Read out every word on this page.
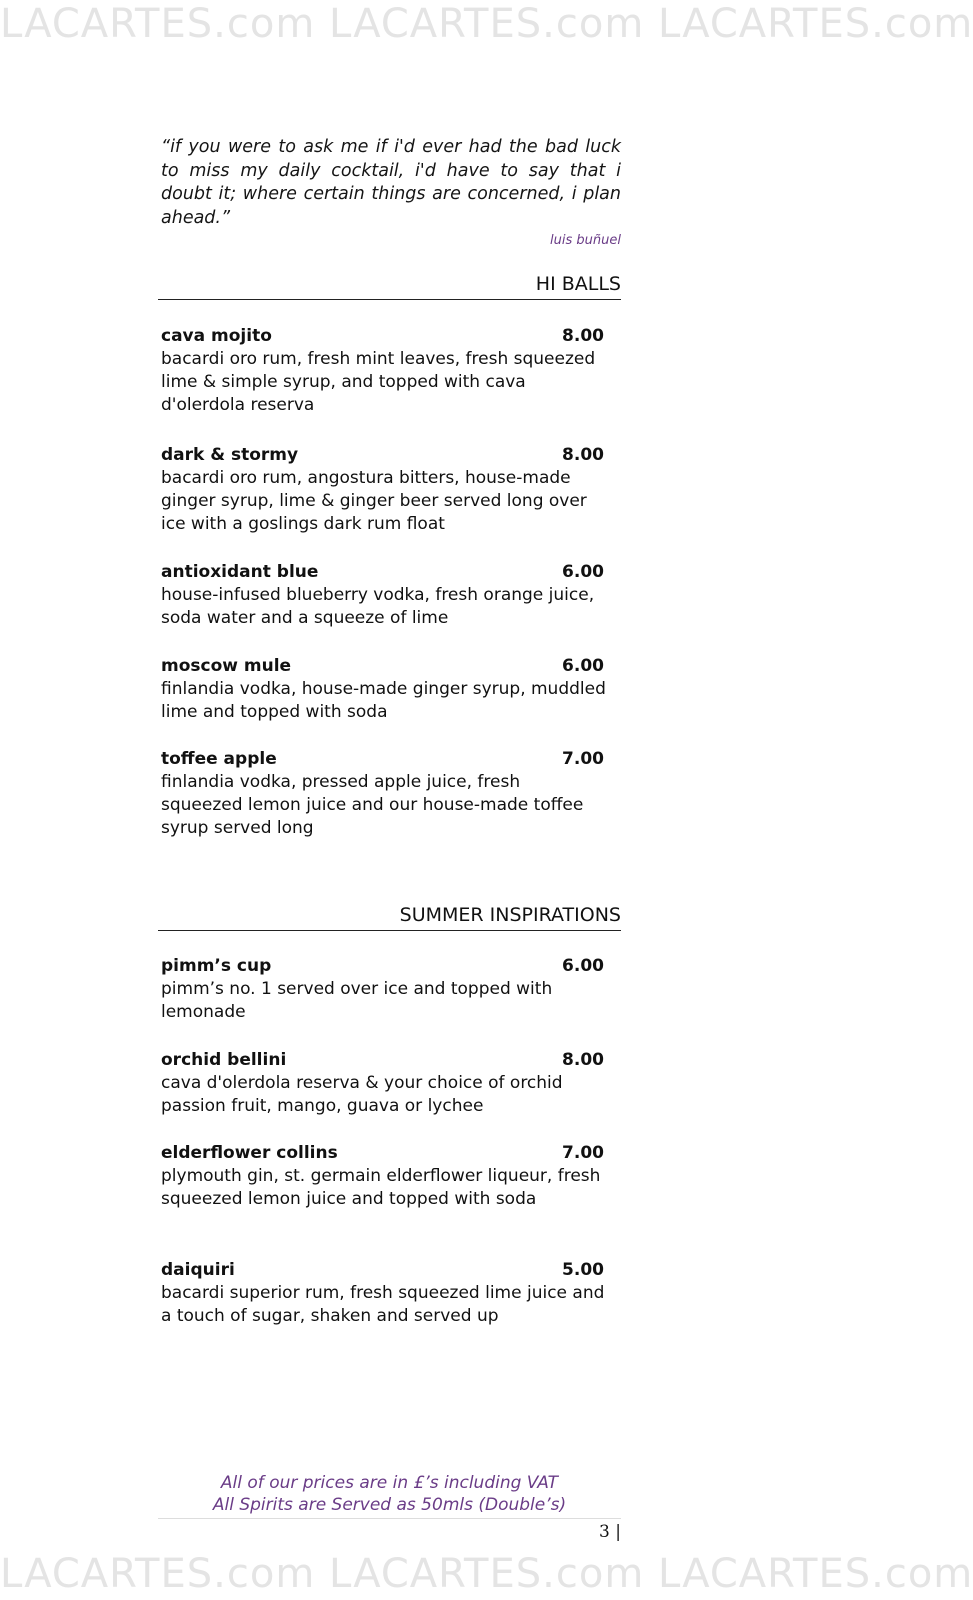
LACARTES.com LACARTES.com LACARTES.com

“if you were to ask me if i'd ever had the bad luck to miss my daily cocktail, i'd have to say that i doubt it; where certain things are concerned, i plan ahead.”

luis buñuel
HI BALLS
cava mojito	8.00
bacardi oro rum, fresh mint leaves, fresh squeezed lime & simple syrup, and topped with cava d'olerdola reserva
dark & stormy	8.00
bacardi oro rum, angostura bitters, house-made ginger syrup, lime & ginger beer served long over ice with a goslings dark rum float
antioxidant blue	6.00
house-infused blueberry vodka, fresh orange juice, soda water and a squeeze of lime
moscow mule	6.00
finlandia vodka, house-made ginger syrup, muddled lime and topped with soda
toffee apple	7.00
finlandia vodka, pressed apple juice, fresh squeezed lemon juice and our house-made toffee syrup served long
SUMMER INSPIRATIONS
pimm’s cup	6.00
pimm’s no. 1 served over ice and topped with lemonade
orchid bellini	8.00
cava d'olerdola reserva & your choice of orchid passion fruit, mango, guava or lychee
elderflower collins	7.00
plymouth gin, st. germain elderflower liqueur, fresh squeezed lemon juice and topped with soda
daiquiri	5.00
bacardi superior rum, fresh squeezed lime juice and a touch of sugar, shaken and served up
All of our prices are in £’s including VAT
All Spirits are Served as 50mls (Double’s)
3 |
LACARTES.com LACARTES.com LACARTES.com
